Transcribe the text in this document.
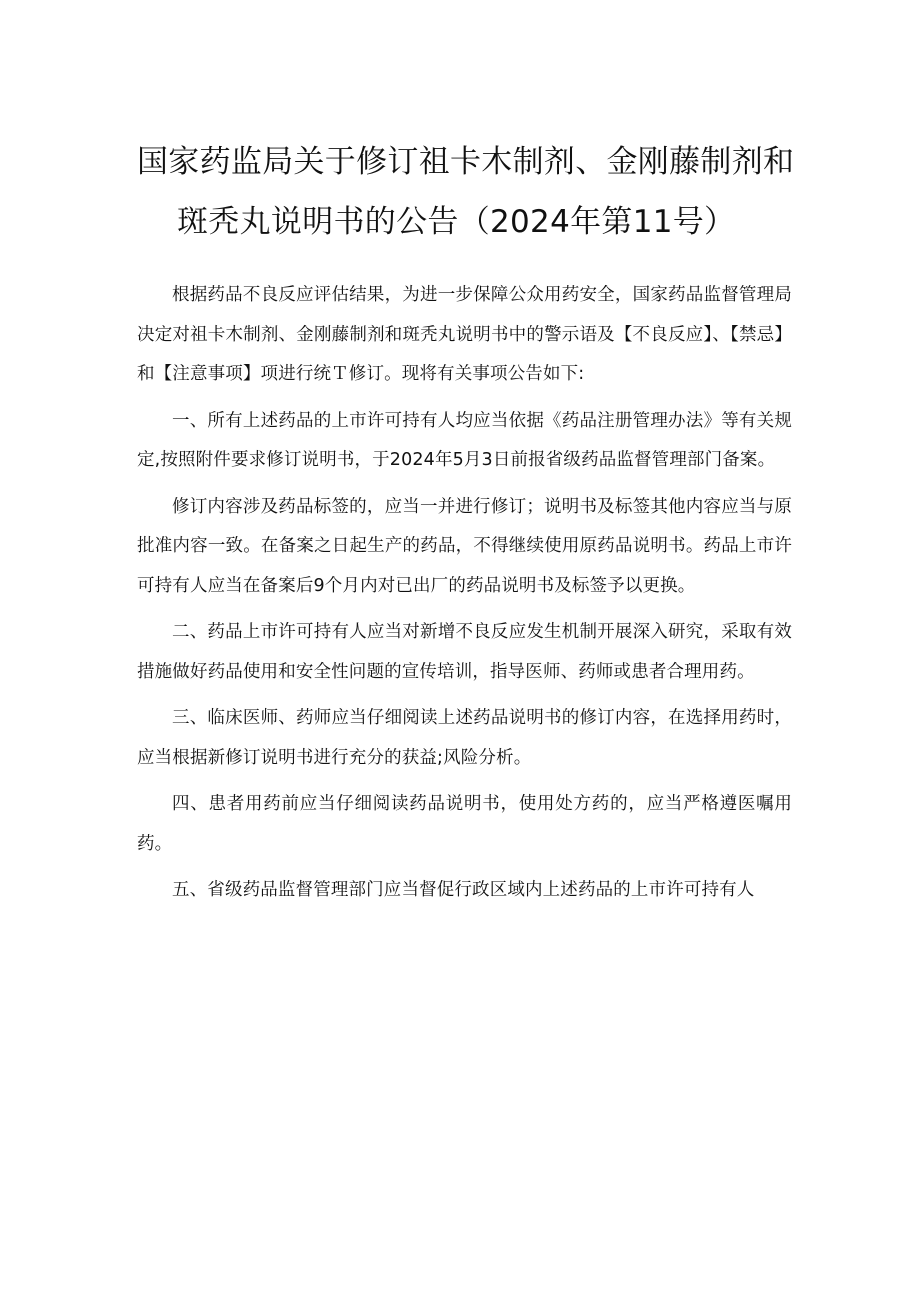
国家药监局关于修订祖卡木制剂、金刚藤制剂和
斑秃丸说明书的公告（2024年第11号）

根据药品不良反应评估结果，为进一步保障公众用药安全，国家药品监督管理局决定对祖卡木制剂、金刚藤制剂和斑秃丸说明书中的警示语及【不良反应】、【禁忌】和【注意事项】项进行统Ｔ修订。现将有关事项公告如下:

一、所有上述药品的上市许可持有人均应当依据《药品注册管理办法》等有关规定,按照附件要求修订说明书，于2024年5月3日前报省级药品监督管理部门备案。

修订内容涉及药品标签的，应当一并进行修订；说明书及标签其他内容应当与原批准内容一致。在备案之日起生产的药品，不得继续使用原药品说明书。药品上市许可持有人应当在备案后9个月内对已出厂的药品说明书及标签予以更换。

二、药品上市许可持有人应当对新增不良反应发生机制开展深入研究，采取有效措施做好药品使用和安全性问题的宣传培训，指导医师、药师或患者合理用药。

三、临床医师、药师应当仔细阅读上述药品说明书的修订内容，在选择用药时，应当根据新修订说明书进行充分的获益;风险分析。

四、患者用药前应当仔细阅读药品说明书，使用处方药的，应当严格遵医嘱用药。

五、省级药品监督管理部门应当督促行政区域内上述药品的上市许可持有人
